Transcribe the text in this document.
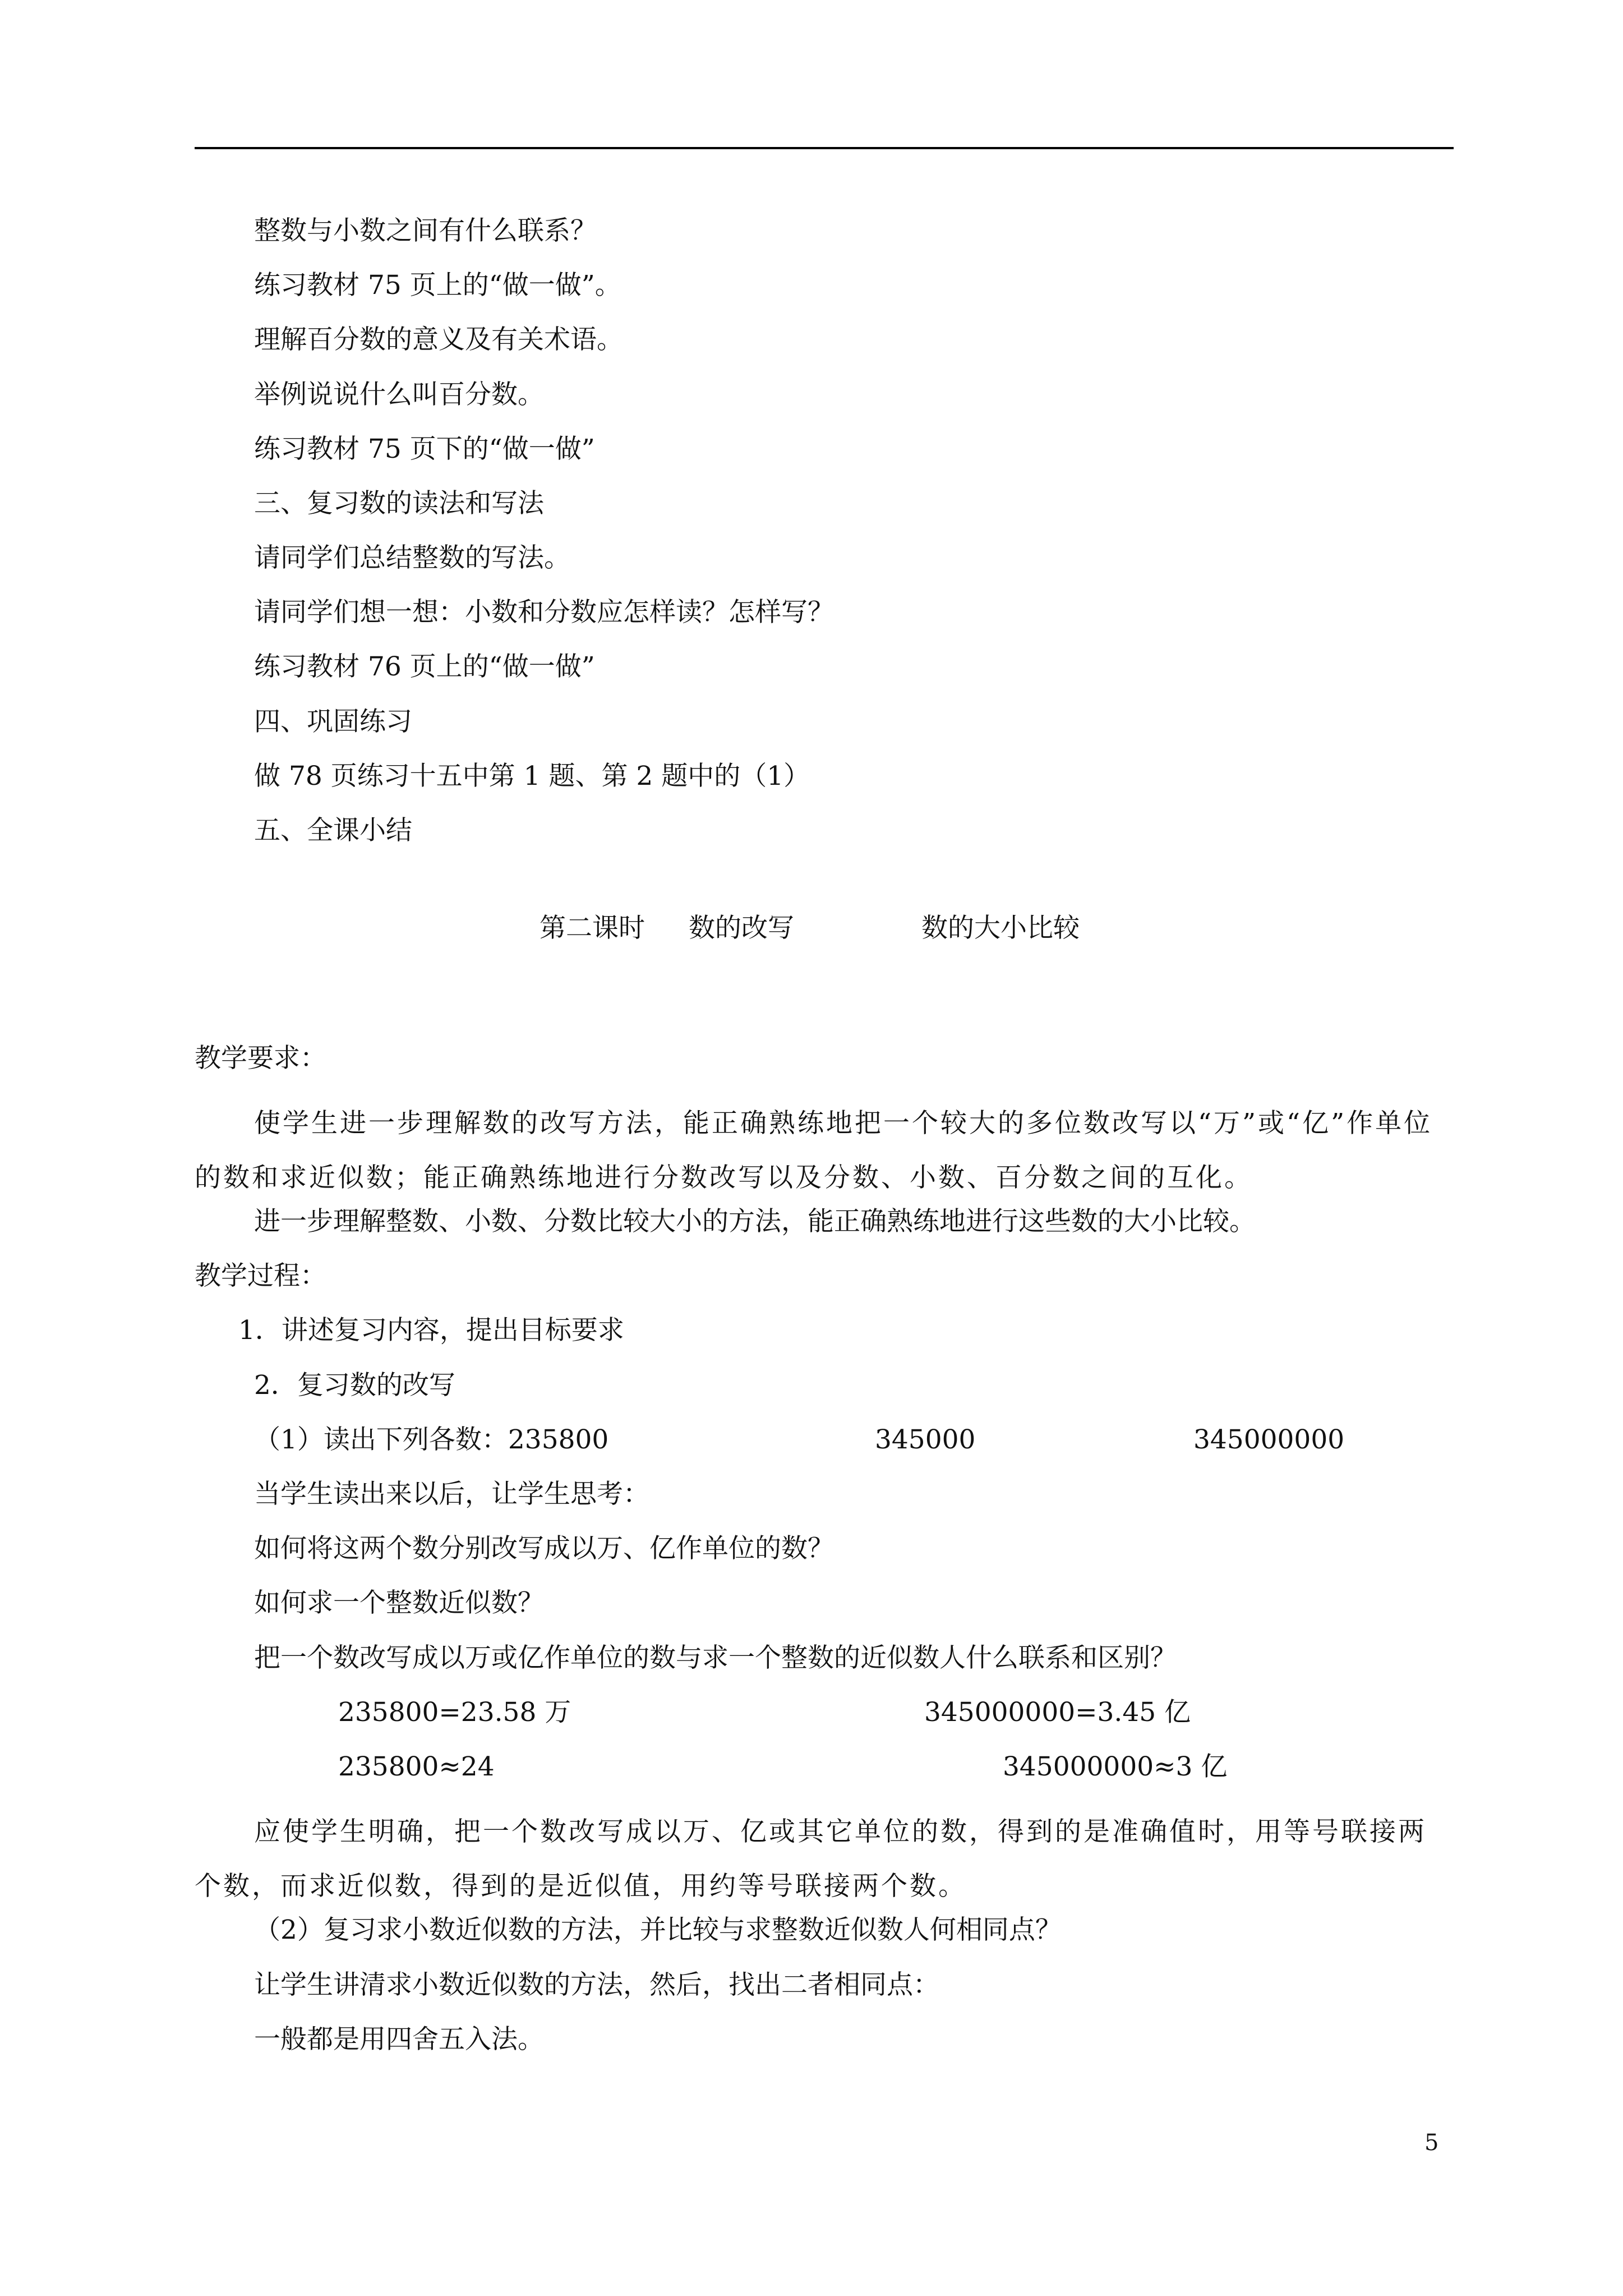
整数与小数之间有什么联系？
练习教材 75 页上的“做一做”。
理解百分数的意义及有关术语。
举例说说什么叫百分数。
练习教材 75 页下的“做一做”
三、复习数的读法和写法
请同学们总结整数的写法。
请同学们想一想：小数和分数应怎样读？怎样写？
练习教材 76 页上的“做一做”
四、巩固练习
做 78 页练习十五中第 1 题、第 2 题中的（1）
五、全课小结
第二课时 数的改写	数的大小比较
教学要求：
使学生进一步理解数的改写方法，能正确熟练地把一个较大的多位数改写以“万”或“亿”作单位的数和求近似数；能正确熟练地进行分数改写以及分数、小数、百分数之间的互化。
进一步理解整数、小数、分数比较大小的方法，能正确熟练地进行这些数的大小比较。
教学过程：
1．讲述复习内容，提出目标要求
2．复习数的改写
（1）读出下列各数：235800	345000	345000000
当学生读出来以后，让学生思考：
如何将这两个数分别改写成以万、亿作单位的数？
如何求一个整数近似数？
把一个数改写成以万或亿作单位的数与求一个整数的近似数人什么联系和区别？
235800=23.58 万	345000000=3.45 亿
235800≈24	345000000≈3 亿
应使学生明确，把一个数改写成以万、亿或其它单位的数，得到的是准确值时，用等号联接两个数，而求近似数，得到的是近似值，用约等号联接两个数。
（2）复习求小数近似数的方法，并比较与求整数近似数人何相同点？
让学生讲清求小数近似数的方法，然后，找出二者相同点：
一般都是用四舍五入法。
5
